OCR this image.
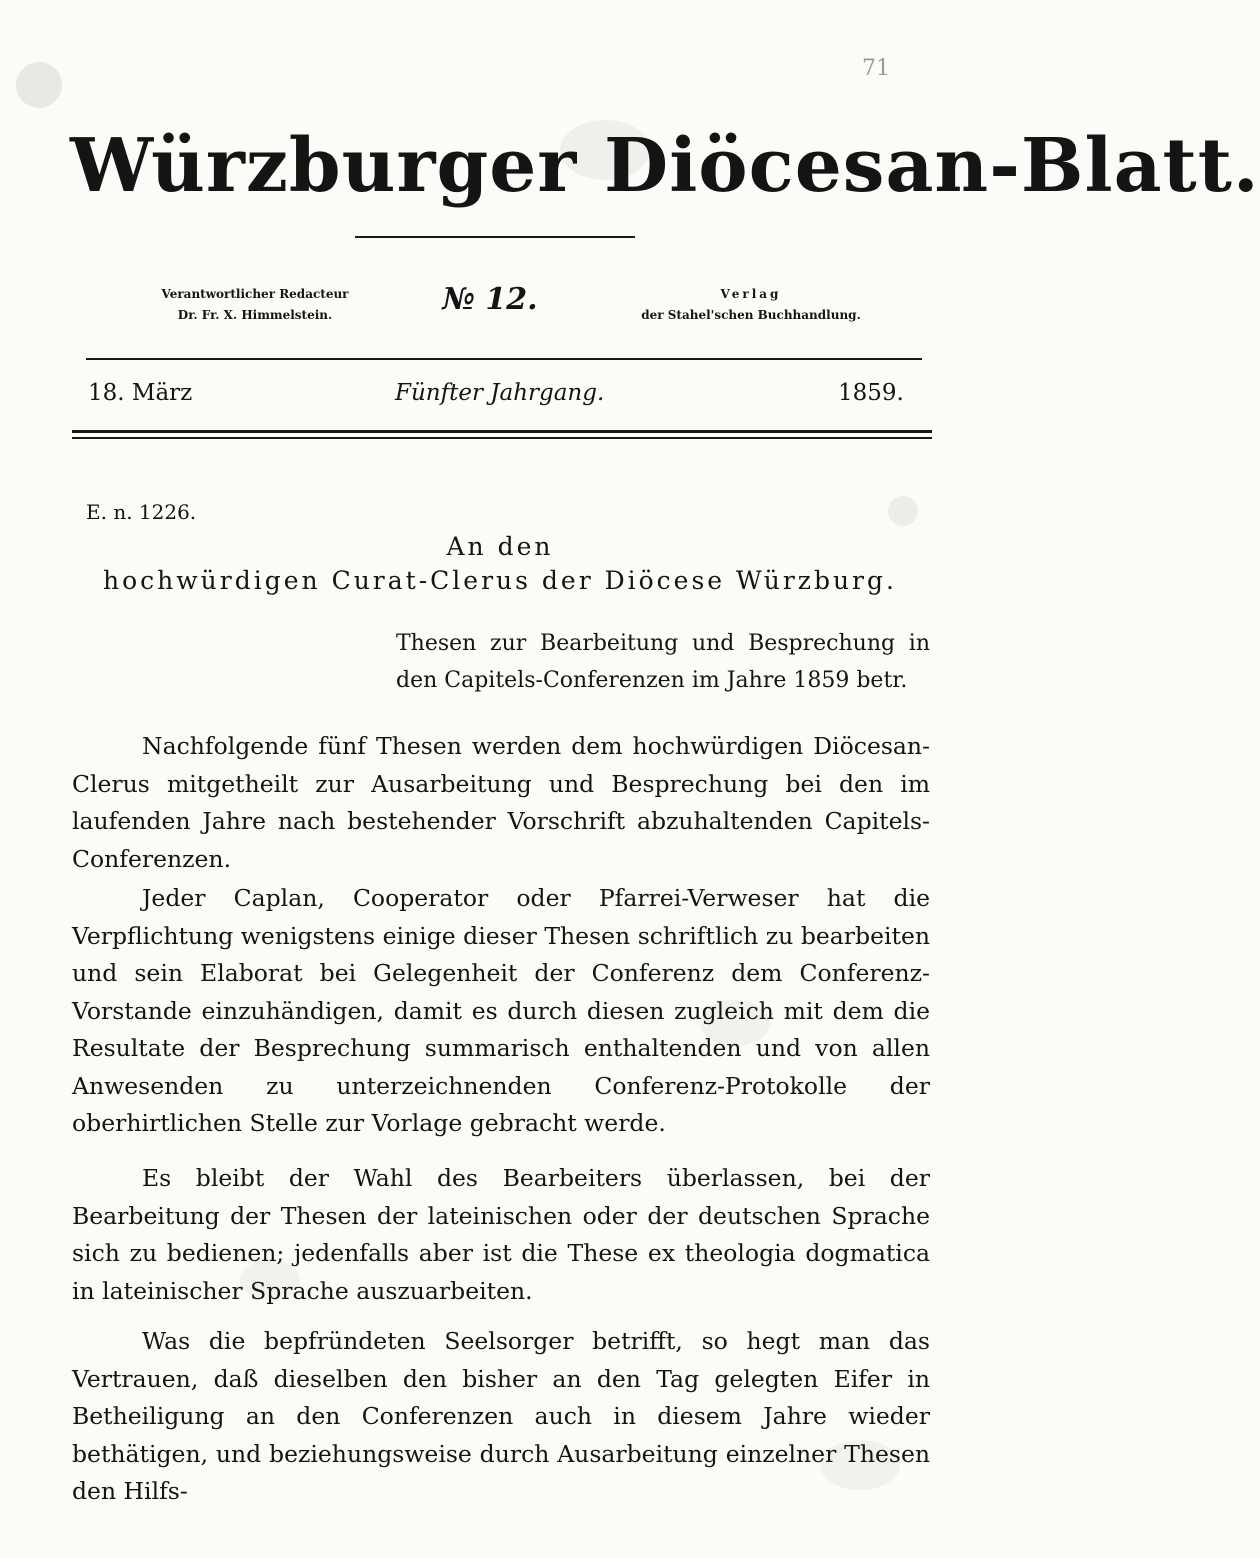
71
Würzburger Diöcesan-Blatt.
Verantwortlicher Redacteur
Dr. Fr. X. Himmelstein.	№ 12.	Verlag
der Stahel'schen Buchhandlung.
18. März	Fünfter Jahrgang.	1859.
E. n. 1226.
An den
hochwürdigen Curat-Clerus der Diöcese Würzburg.
Thesen zur Bearbeitung und Besprechung in den Capitels-Conferenzen im Jahre 1859 betr.

Nachfolgende fünf Thesen werden dem hochwürdigen Diöcesan-Clerus mitgetheilt zur Ausarbeitung und Besprechung bei den im laufenden Jahre nach bestehender Vorschrift abzuhaltenden Capitels-Conferenzen.

Jeder Caplan, Cooperator oder Pfarrei-Verweser hat die Verpflichtung wenigstens einige dieser Thesen schriftlich zu bearbeiten und sein Elaborat bei Gelegenheit der Conferenz dem Conferenz-Vorstande einzuhändigen, damit es durch diesen zugleich mit dem die Resultate der Besprechung summarisch enthaltenden und von allen Anwesenden zu unterzeichnenden Conferenz-Protokolle der oberhirtlichen Stelle zur Vorlage gebracht werde.

Es bleibt der Wahl des Bearbeiters überlassen, bei der Bearbeitung der Thesen der lateinischen oder der deutschen Sprache sich zu bedienen; jedenfalls aber ist die These ex theologia dogmatica in lateinischer Sprache auszuarbeiten.

Was die bepfründeten Seelsorger betrifft, so hegt man das Vertrauen, daß dieselben den bisher an den Tag gelegten Eifer in Betheiligung an den Conferenzen auch in diesem Jahre wieder bethätigen, und beziehungsweise durch Ausarbeitung einzelner Thesen den Hilfs-
